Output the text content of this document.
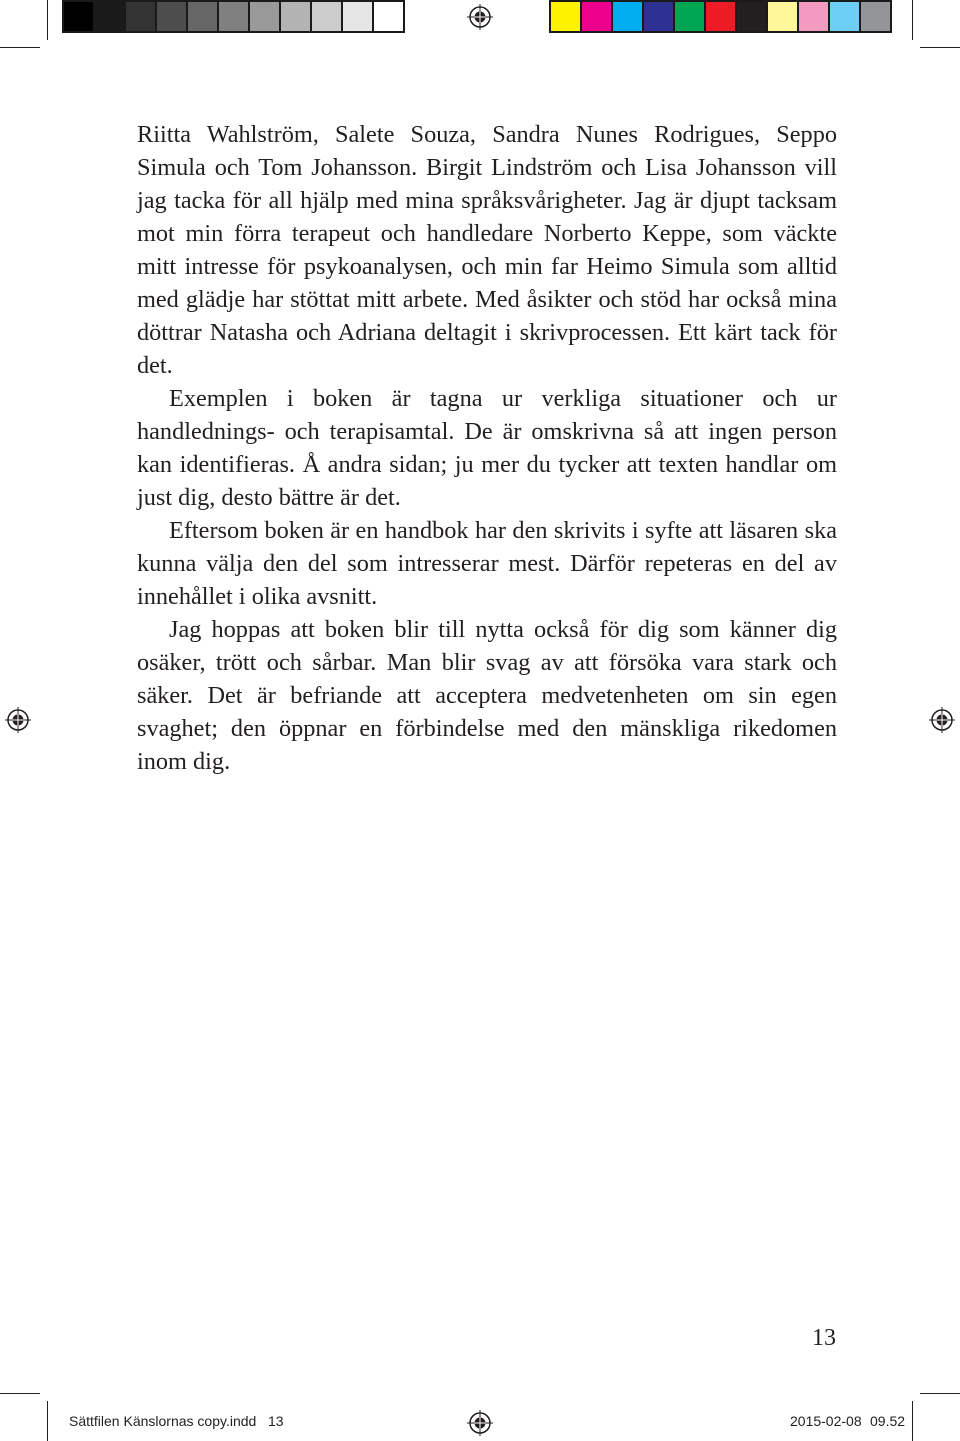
Riitta Wahlström, Salete Souza, Sandra Nunes Rodrigues, Seppo Simula och Tom Johansson. Birgit Lindström och Lisa Johansson vill jag tacka för all hjälp med mina språksvårigheter. Jag är djupt tacksam mot min förra terapeut och handledare Norberto Keppe, som väckte mitt intresse för psykoanalysen, och min far Heimo Simula som alltid med glädje har stöttat mitt arbete. Med åsikter och stöd har också mina döttrar Natasha och Adriana deltagit i skrivprocessen. Ett kärt tack för det.

Exemplen i boken är tagna ur verkliga situationer och ur handlednings- och terapisamtal. De är omskrivna så att ingen person kan identifieras. Å andra sidan; ju mer du tycker att texten handlar om just dig, desto bättre är det.

Eftersom boken är en handbok har den skrivits i syfte att läsaren ska kunna välja den del som intresserar mest. Därför repeteras en del av innehållet i olika avsnitt.

Jag hoppas att boken blir till nytta också för dig som känner dig osäker, trött och sårbar. Man blir svag av att försöka vara stark och säker. Det är befriande att acceptera medvetenheten om sin egen svaghet; den öppnar en förbindelse med den mänskliga rikedomen inom dig.

13
Sättfilen Känslornas copy.indd   13	2015-02-08 09.52
